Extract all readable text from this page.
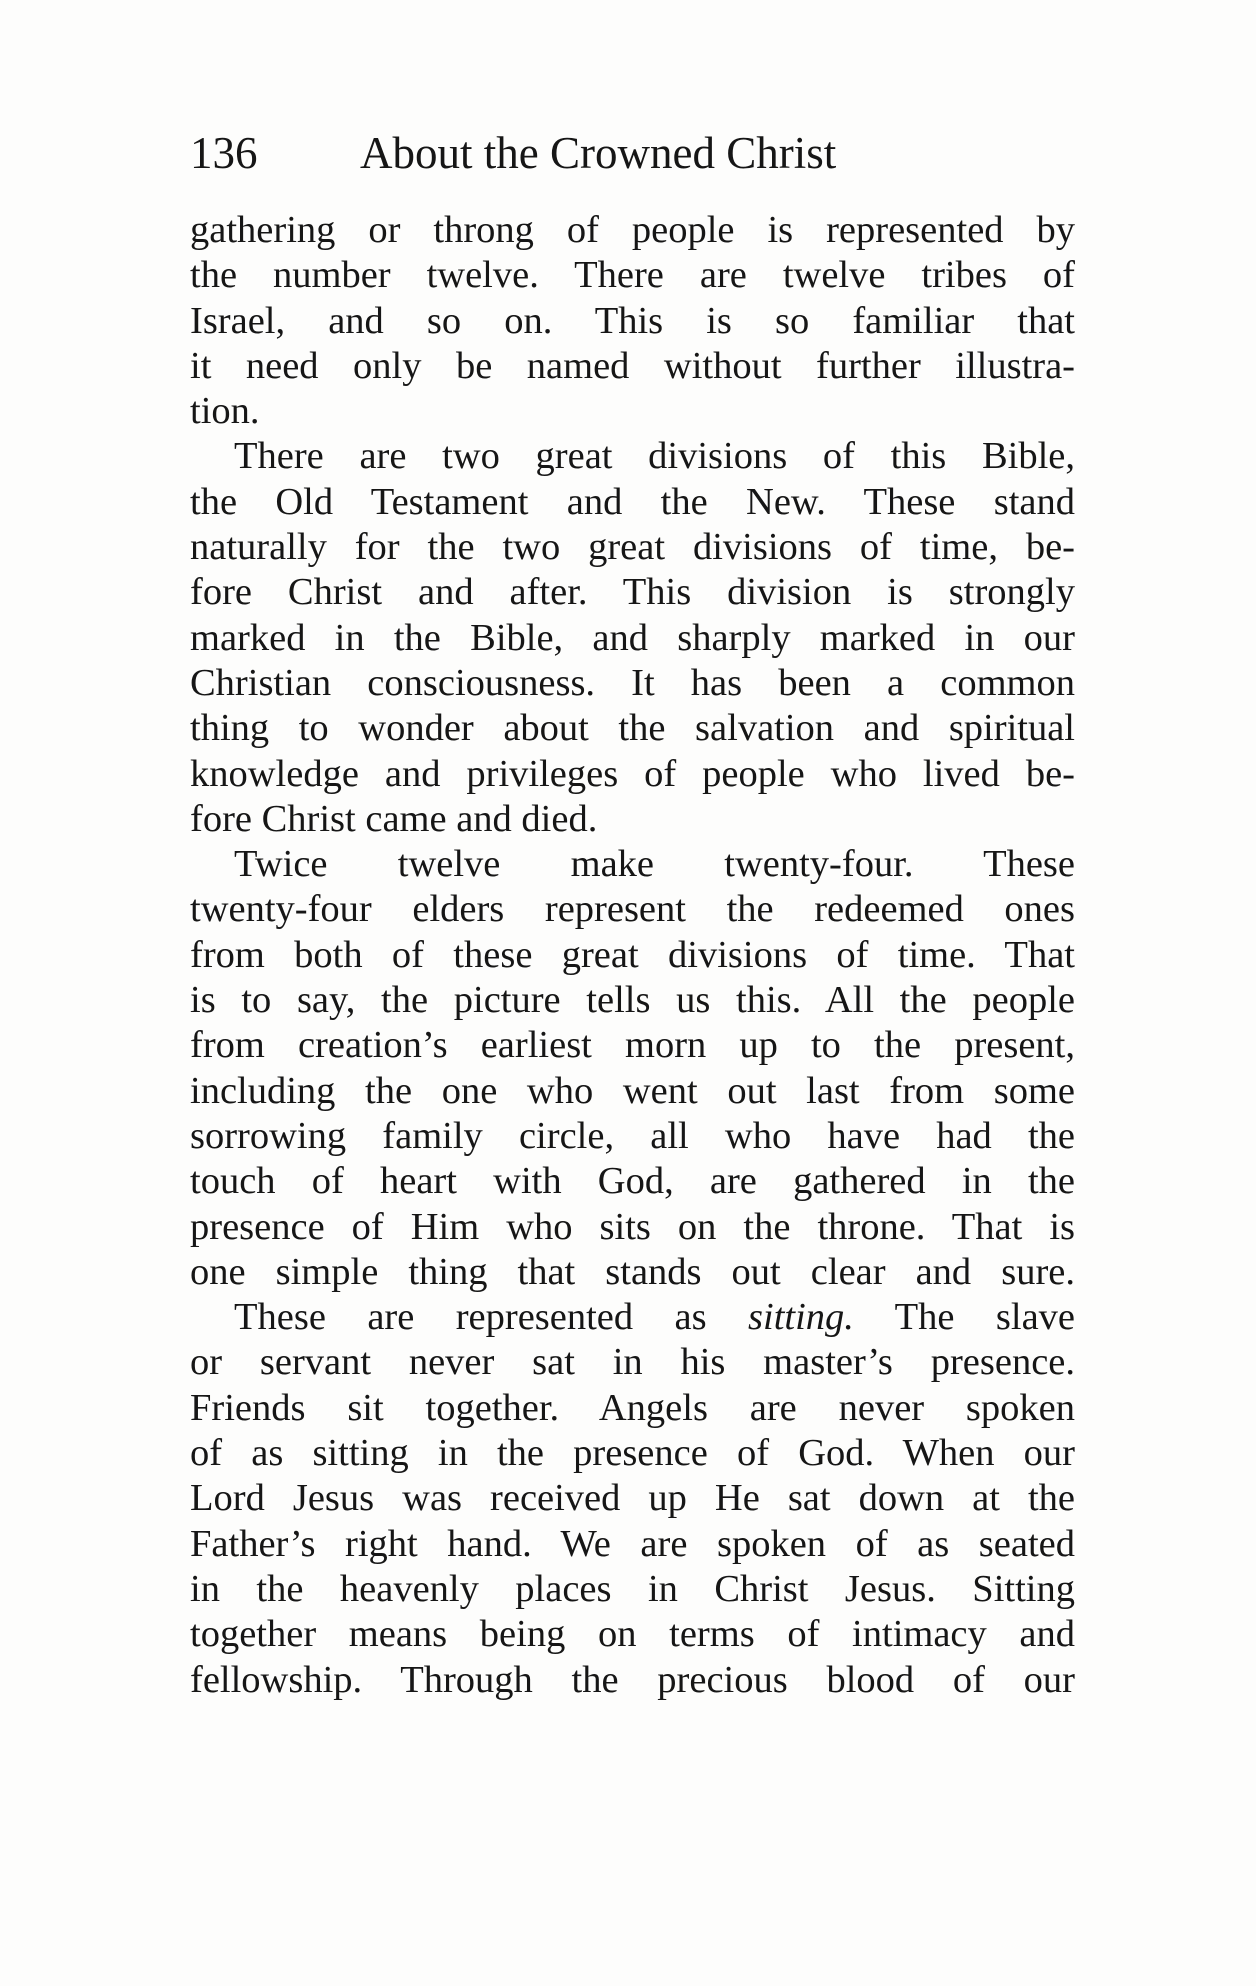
136 About the Crowned Christ
gathering or throng of people is represented by
the number twelve. There are twelve tribes of
Israel, and so on. This is so familiar that
it need only be named without further illustra-
tion.
There are two great divisions of this Bible,
the Old Testament and the New. These stand
naturally for the two great divisions of time, be-
fore Christ and after. This division is strongly
marked in the Bible, and sharply marked in our
Christian consciousness. It has been a common
thing to wonder about the salvation and spiritual
knowledge and privileges of people who lived be-
fore Christ came and died.
Twice twelve make twenty-four. These
twenty-four elders represent the redeemed ones
from both of these great divisions of time. That
is to say, the picture tells us this. All the people
from creation’s earliest morn up to the present,
including the one who went out last from some
sorrowing family circle, all who have had the
touch of heart with God, are gathered in the
presence of Him who sits on the throne. That is
one simple thing that stands out clear and sure.
These are represented as sitting. The slave
or servant never sat in his master’s presence.
Friends sit together. Angels are never spoken
of as sitting in the presence of God. When our
Lord Jesus was received up He sat down at the
Father’s right hand. We are spoken of as seated
in the heavenly places in Christ Jesus. Sitting
together means being on terms of intimacy and
fellowship. Through the precious blood of our
